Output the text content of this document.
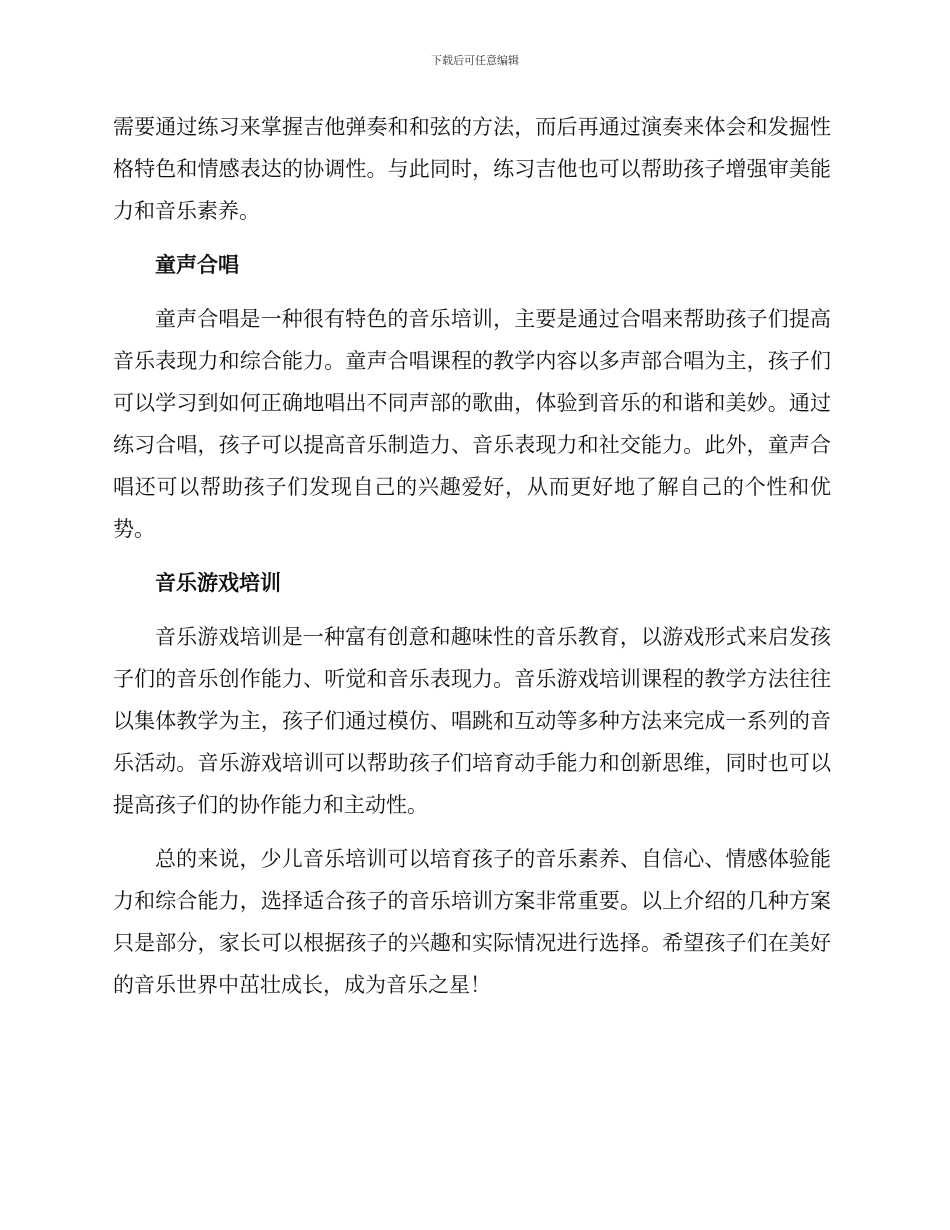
下载后可任意编辑

需要通过练习来掌握吉他弹奏和和弦的方法，而后再通过演奏来体会和发掘性格特色和情感表达的协调性。与此同时，练习吉他也可以帮助孩子增强审美能力和音乐素养。

童声合唱

童声合唱是一种很有特色的音乐培训，主要是通过合唱来帮助孩子们提高音乐表现力和综合能力。童声合唱课程的教学内容以多声部合唱为主，孩子们可以学习到如何正确地唱出不同声部的歌曲，体验到音乐的和谐和美妙。通过练习合唱，孩子可以提高音乐制造力、音乐表现力和社交能力。此外，童声合唱还可以帮助孩子们发现自己的兴趣爱好，从而更好地了解自己的个性和优势。

音乐游戏培训

音乐游戏培训是一种富有创意和趣味性的音乐教育，以游戏形式来启发孩子们的音乐创作能力、听觉和音乐表现力。音乐游戏培训课程的教学方法往往以集体教学为主，孩子们通过模仿、唱跳和互动等多种方法来完成一系列的音乐活动。音乐游戏培训可以帮助孩子们培育动手能力和创新思维，同时也可以提高孩子们的协作能力和主动性。

总的来说，少儿音乐培训可以培育孩子的音乐素养、自信心、情感体验能力和综合能力，选择适合孩子的音乐培训方案非常重要。以上介绍的几种方案只是部分，家长可以根据孩子的兴趣和实际情况进行选择。希望孩子们在美好的音乐世界中茁壮成长，成为音乐之星！
